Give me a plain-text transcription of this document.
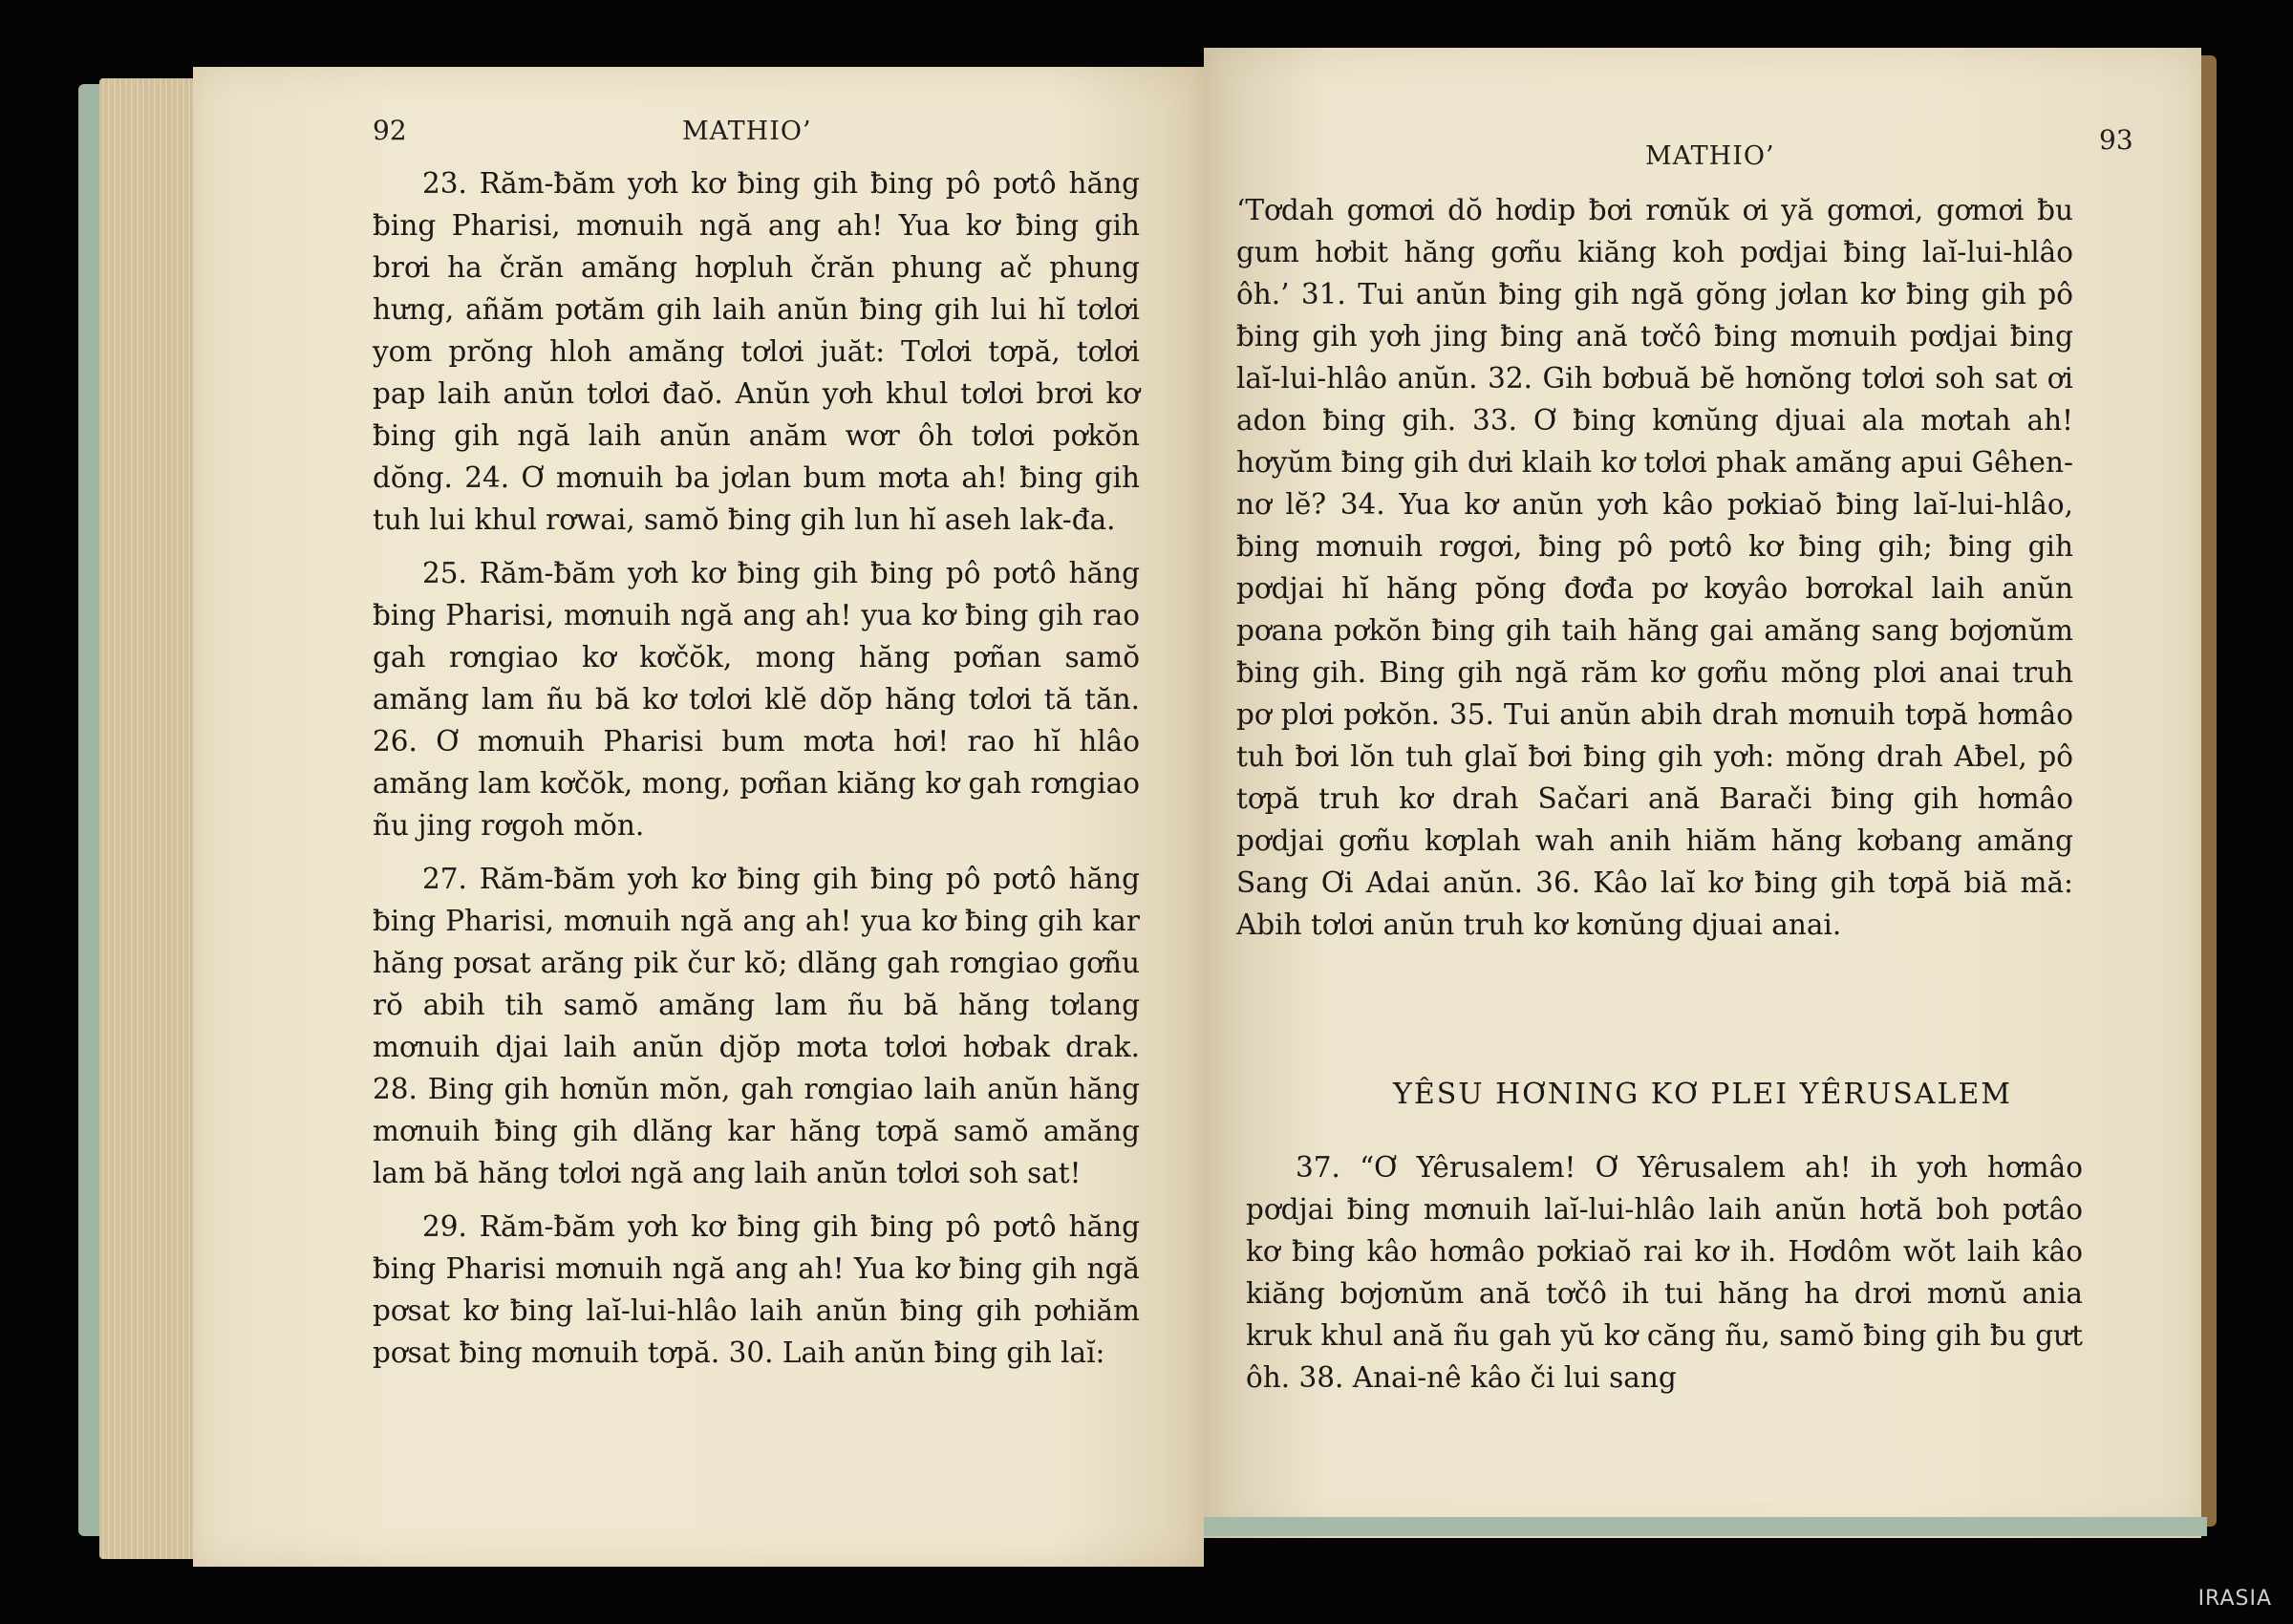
92	MATHIO’

23. Răm-ƀăm yơh kơ ƀing gih ƀing pô pơtô hăng ƀing Pharisi, mơnuih ngă ang ah! Yua kơ ƀing gih brơi ha črăn amăng hơpluh črăn phung ač phung hưng, añăm pơtăm gih laih anŭn ƀing gih lui hĭ tơlơi yom prŏng hloh amăng tơlơi juăt: Tơlơi tơpă, tơlơi pap laih anŭn tơlơi đaŏ. Anŭn yơh khul tơlơi brơi kơ ƀing gih ngă laih anŭn anăm wơr ôh tơlơi pơkŏn dŏng. 24. Ơ mơnuih ba jơlan bum mơta ah! ƀing gih tuh lui khul rơwai, samŏ ƀing gih lun hĭ aseh lak-đa.

25. Răm-ƀăm yơh kơ ƀing gih ƀing pô pơtô hăng ƀing Pharisi, mơnuih ngă ang ah! yua kơ ƀing gih rao gah rơngiao kơ kơčŏk, mong hăng pơñan samŏ amăng lam ñu bă kơ tơlơi klĕ dŏp hăng tơlơi tă tăn. 26. Ơ mơnuih Pharisi bum mơta hơi! rao hĭ hlâo amăng lam kơčŏk, mong, pơñan kiăng kơ gah rơngiao ñu jing rơgoh mŏn.

27. Răm-ƀăm yơh kơ ƀing gih ƀing pô pơtô hăng ƀing Pharisi, mơnuih ngă ang ah! yua kơ ƀing gih kar hăng pơsat arăng pik čur kŏ; dlăng gah rơngiao gơñu rŏ abih tih samŏ amăng lam ñu bă hăng tơlang mơnuih djai laih anŭn djŏp mơta tơlơi hơbak drak. 28. Bing gih hơnŭn mŏn, gah rơngiao laih anŭn hăng mơnuih ƀing gih dlăng kar hăng tơpă samŏ amăng lam bă hăng tơlơi ngă ang laih anŭn tơlơi soh sat!

29. Răm-ƀăm yơh kơ ƀing gih ƀing pô pơtô hăng ƀing Pharisi mơnuih ngă ang ah! Yua kơ ƀing gih ngă pơsat kơ ƀing laĭ-lui-hlâo laih anŭn ƀing gih pơhiăm pơsat ƀing mơnuih tơpă. 30. Laih anŭn ƀing gih laĭ:

MATHIO’
93

‘Tơdah gơmơi dŏ hơdip ƀơi rơnŭk ơi yă gơmơi, gơmơi ƀu gum hơbit hăng gơñu kiăng koh pơdjai ƀing laĭ-lui-hlâo ôh.’ 31. Tui anŭn ƀing gih ngă gŏng jơlan kơ ƀing gih pô ƀing gih yơh jing ƀing ană tơčô ƀing mơnuih pơdjai ƀing laĭ-lui-hlâo anŭn. 32. Gih bơbuă bĕ hơnŏng tơlơi soh sat ơi adon ƀing gih. 33. Ơ ƀing kơnŭng djuai ala mơtah ah! hơyŭm ƀing gih dưi klaih kơ tơlơi phak amăng apui Gêhen-nơ lĕ? 34. Yua kơ anŭn yơh kâo pơkiaŏ ƀing laĭ-lui-hlâo, ƀing mơnuih rơgơi, ƀing pô pơtô kơ ƀing gih; ƀing gih pơdjai hĭ hăng pŏng đơđa pơ kơyâo bơrơkal laih anŭn pơana pơkŏn ƀing gih taih hăng gai amăng sang bơjơnŭm ƀing gih. Bing gih ngă răm kơ gơñu mŏng plơi anai truh pơ plơi pơkŏn. 35. Tui anŭn abih drah mơnuih tơpă hơmâo tuh ƀơi lŏn tuh glaĭ ƀơi ƀing gih yơh: mŏng drah Aƀel, pô tơpă truh kơ drah Sačari ană Barači ƀing gih hơmâo pơdjai gơñu kơplah wah anih hiăm hăng kơbang amăng Sang Ơi Adai anŭn. 36. Kâo laĭ kơ ƀing gih tơpă biă mă: Abih tơlơi anŭn truh kơ kơnŭng djuai anai.

YÊSU HƠNING KƠ PLEI YÊRUSALEM

37. “Ơ Yêrusalem! Ơ Yêrusalem ah! ih yơh hơmâo pơdjai ƀing mơnuih laĭ-lui-hlâo laih anŭn hơtă boh pơtâo kơ ƀing kâo hơmâo pơkiaŏ rai kơ ih. Hơdôm wŏt laih kâo kiăng bơjơnŭm ană tơčô ih tui hăng ha drơi mơnŭ ania kruk khul ană ñu gah yŭ kơ căng ñu, samŏ ƀing gih ƀu gưt ôh. 38. Anai-nê kâo či lui sang

IRASIA
